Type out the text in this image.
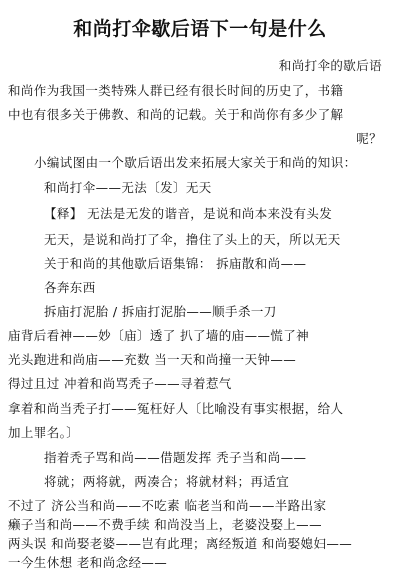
和尚打伞歇后语下一句是什么
和尚打伞的歇后语
和尚作为我国一类特殊人群已经有很长时间的历史了，书籍
中也有很多关于佛教、和尚的记载。关于和尚你有多少了解
呢？
小编试图由一个歇后语出发来拓展大家关于和尚的知识：
和尚打伞——无法〔发〕无天
【释】 无法是无发的谐音，是说和尚本来没有头发
无天，是说和尚打了伞，撸住了头上的天，所以无天
关于和尚的其他歇后语集锦： 拆庙散和尚——
各奔东西
拆庙打泥胎 / 拆庙打泥胎——顺手杀一刀
庙背后看神——妙〔庙〕透了 扒了墙的庙——慌了神
光头跑进和尚庙——充数 当一天和尚撞一天钟——
得过且过 冲着和尚骂秃子——寻着惹气
拿着和尚当秃子打——冤枉好人〔比喻没有事实根据，给人
加上罪名。〕
指着秃子骂和尚——借题发挥 秃子当和尚——
将就；两将就，两凑合；将就材料；再适宜
不过了 济公当和尚——不吃素 临老当和尚——半路出家
癞子当和尚——不费手续 和尚没当上，老婆没娶上——
两头误 和尚娶老婆——岂有此理；离经叛道 和尚娶媳妇——
一今生休想 老和尚念经——
